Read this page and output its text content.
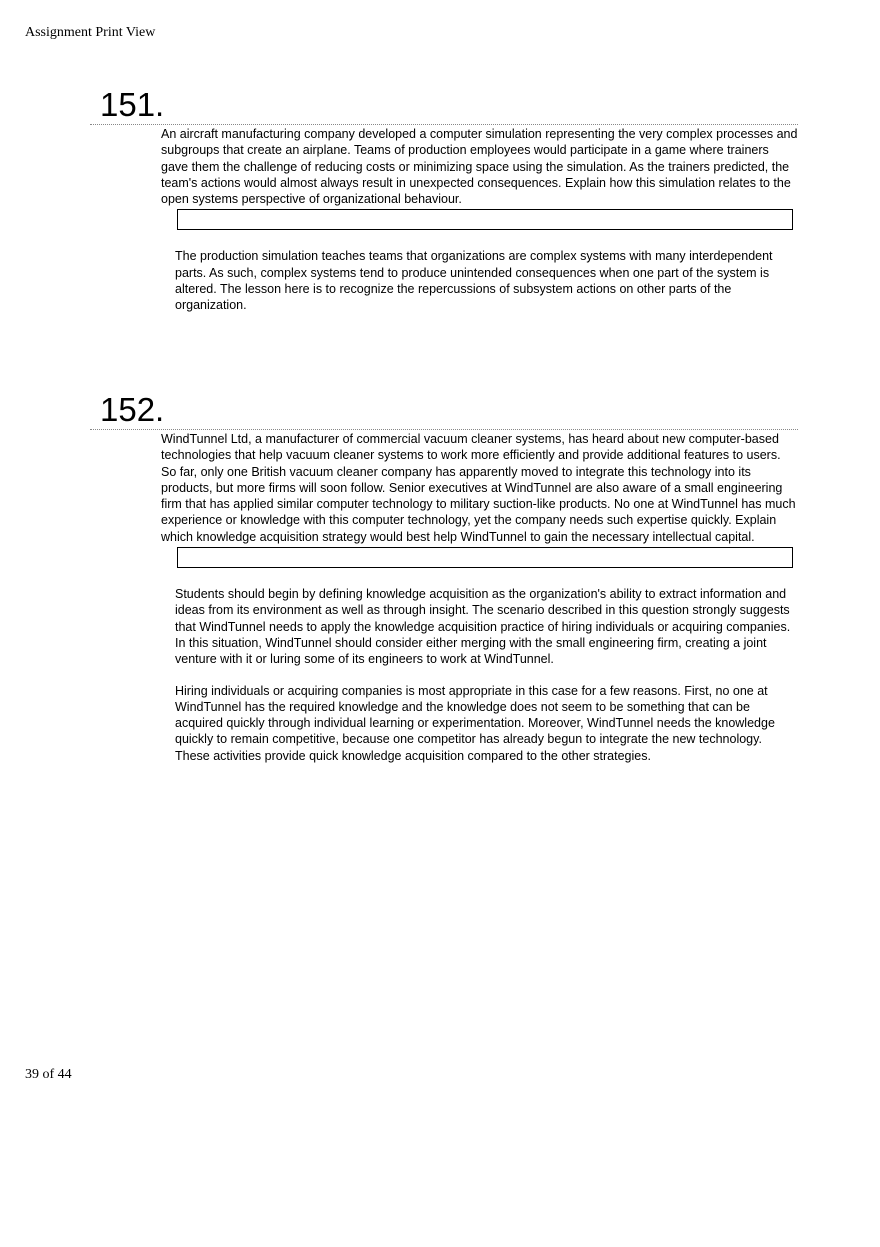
Assignment Print View
151.
An aircraft manufacturing company developed a computer simulation representing the very complex processes and subgroups that create an airplane. Teams of production employees would participate in a game where trainers gave them the challenge of reducing costs or minimizing space using the simulation. As the trainers predicted, the team's actions would almost always result in unexpected consequences. Explain how this simulation relates to the open systems perspective of organizational behaviour.

The production simulation teaches teams that organizations are complex systems with many interdependent parts. As such, complex systems tend to produce unintended consequences when one part of the system is altered. The lesson here is to recognize the repercussions of subsystem actions on other parts of the organization.

152.
WindTunnel Ltd, a manufacturer of commercial vacuum cleaner systems, has heard about new computer-based technologies that help vacuum cleaner systems to work more efficiently and provide additional features to users. So far, only one British vacuum cleaner company has apparently moved to integrate this technology into its products, but more firms will soon follow. Senior executives at WindTunnel are also aware of a small engineering firm that has applied similar computer technology to military suction-like products. No one at WindTunnel has much experience or knowledge with this computer technology, yet the company needs such expertise quickly. Explain which knowledge acquisition strategy would best help WindTunnel to gain the necessary intellectual capital.

Students should begin by defining knowledge acquisition as the organization's ability to extract information and ideas from its environment as well as through insight. The scenario described in this question strongly suggests that WindTunnel needs to apply the knowledge acquisition practice of hiring individuals or acquiring companies. In this situation, WindTunnel should consider either merging with the small engineering firm, creating a joint venture with it or luring some of its engineers to work at WindTunnel.

Hiring individuals or acquiring companies is most appropriate in this case for a few reasons. First, no one at WindTunnel has the required knowledge and the knowledge does not seem to be something that can be acquired quickly through individual learning or experimentation. Moreover, WindTunnel needs the knowledge quickly to remain competitive, because one competitor has already begun to integrate the new technology. These activities provide quick knowledge acquisition compared to the other strategies.

39 of 44
